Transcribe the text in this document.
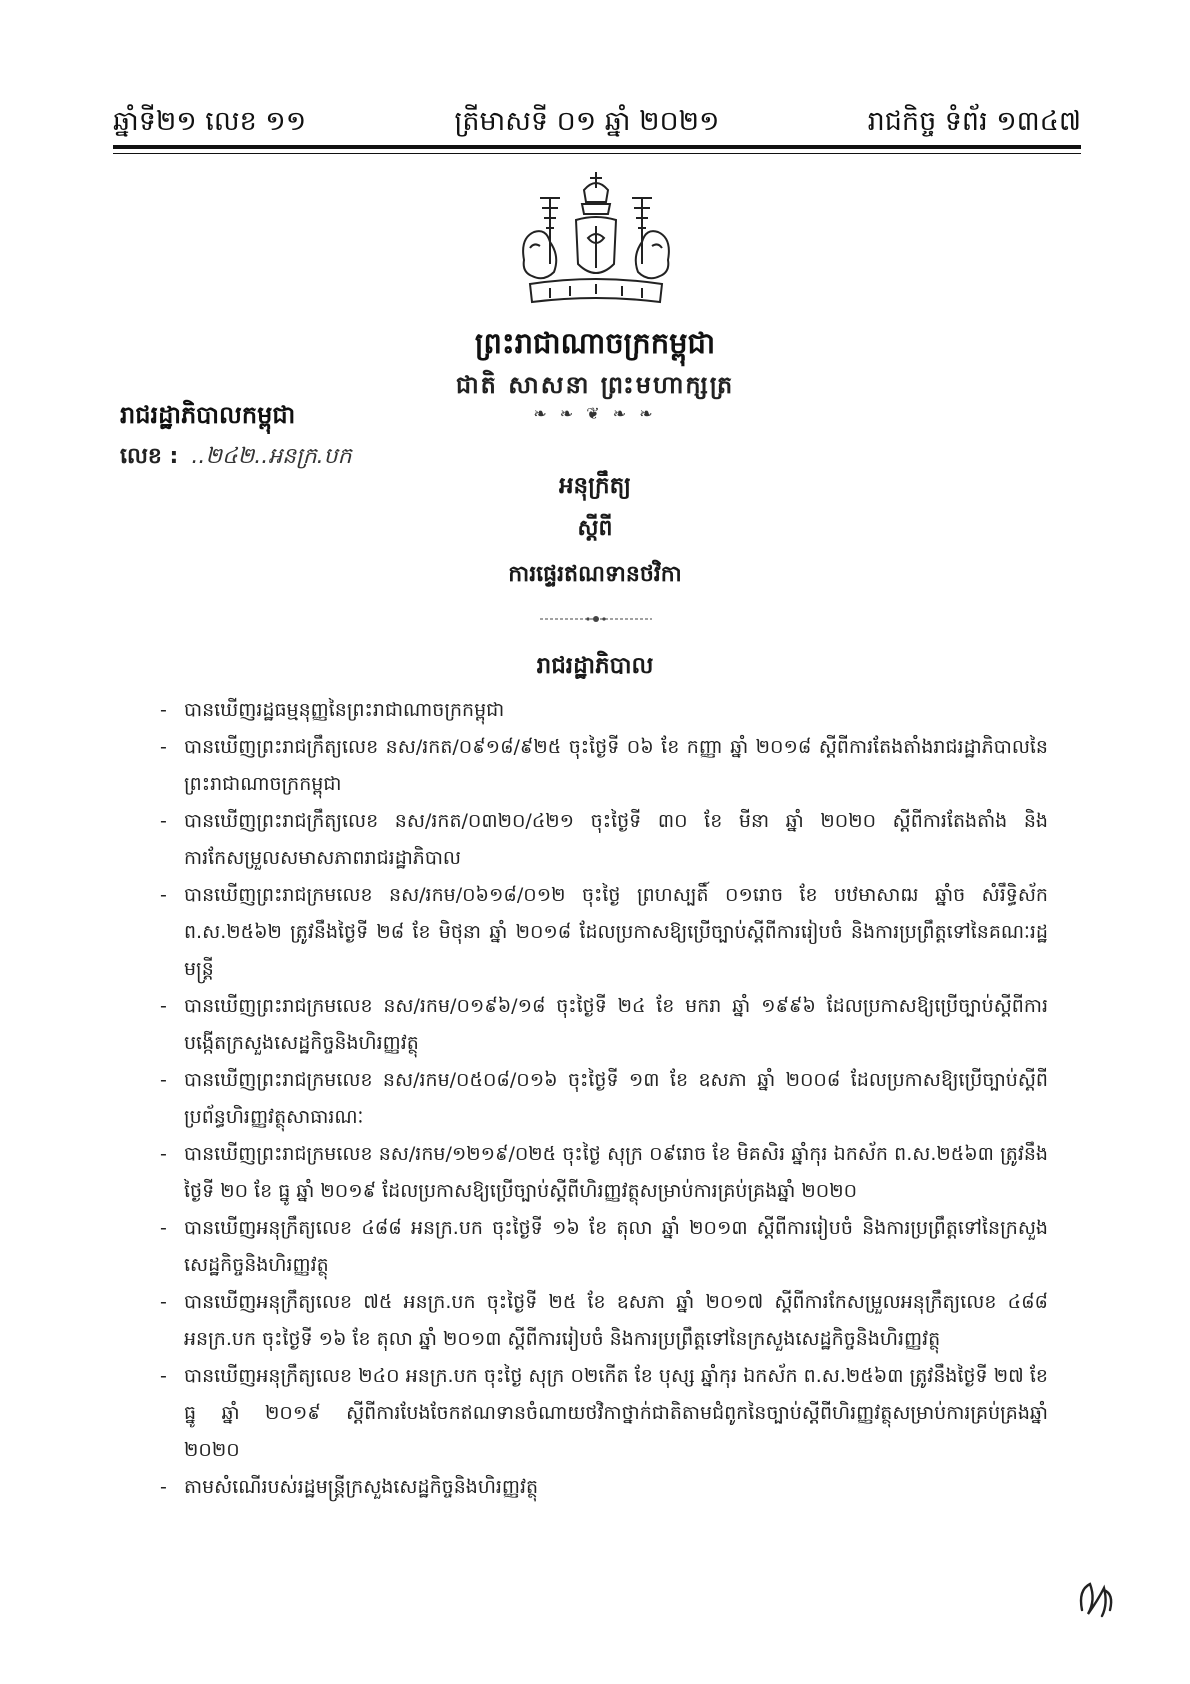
ឆ្នាំទី២១ លេខ ១១	ត្រីមាសទី ០១ ឆ្នាំ ២០២១	រាជកិច្ច ទំព័រ ១៣៤៧
ព្រះរាជាណាចក្រកម្ពុជា
ជាតិ សាសនា ព្រះមហាក្សត្រ
❧ ❧ ❦ ❧ ❧
រាជរដ្ឋាភិបាលកម្ពុជា
លេខ : ..២៤២..អនក្រ.បក
អនុក្រឹត្យ
ស្តីពី
ការផ្ទេរឥណទានថវិកា
រាជរដ្ឋាភិបាល
- បានឃើញរដ្ឋធម្មនុញ្ញនៃព្រះរាជាណាចក្រកម្ពុជា
- បានឃើញព្រះរាជក្រឹត្យលេខ នស/រកត/០៩១៨/៩២៥ ចុះថ្ងៃទី ០៦ ខែ កញ្ញា ឆ្នាំ ២០១៨ ស្តីពីការតែងតាំងរាជរដ្ឋាភិបាលនៃព្រះរាជាណាចក្រកម្ពុជា
- បានឃើញព្រះរាជក្រឹត្យលេខ នស/រកត/០៣២០/៤២១ ចុះថ្ងៃទី ៣០ ខែ មីនា ឆ្នាំ ២០២០ ស្តីពីការតែងតាំង និងការកែសម្រួលសមាសភាពរាជរដ្ឋាភិបាល
- បានឃើញព្រះរាជក្រមលេខ នស/រកម/០៦១៨/០១២ ចុះថ្ងៃ ព្រហស្បតិ៍ ០១រោច ខែ បឋមាសាឍ ឆ្នាំច សំរឹទ្ធិស័ក ព.ស.២៥៦២ ត្រូវនឹងថ្ងៃទី ២៨ ខែ មិថុនា ឆ្នាំ ២០១៨ ដែលប្រកាសឱ្យប្រើច្បាប់ស្តីពីការរៀបចំ និងការប្រព្រឹត្តទៅនៃគណៈរដ្ឋមន្ត្រី
- បានឃើញព្រះរាជក្រមលេខ នស/រកម/០១៩៦/១៨ ចុះថ្ងៃទី ២៤ ខែ មករា ឆ្នាំ ១៩៩៦ ដែលប្រកាសឱ្យប្រើច្បាប់ស្តីពីការបង្កើតក្រសួងសេដ្ឋកិច្ចនិងហិរញ្ញវត្ថុ
- បានឃើញព្រះរាជក្រមលេខ នស/រកម/០៥០៨/០១៦ ចុះថ្ងៃទី ១៣ ខែ ឧសភា ឆ្នាំ ២០០៨ ដែលប្រកាសឱ្យប្រើច្បាប់ស្តីពីប្រព័ន្ធហិរញ្ញវត្ថុសាធារណៈ
- បានឃើញព្រះរាជក្រមលេខ នស/រកម/១២១៩/០២៥ ចុះថ្ងៃ សុក្រ ០៩រោច ខែ មិគសិរ ឆ្នាំកុរ ឯកស័ក ព.ស.២៥៦៣ ត្រូវនឹងថ្ងៃទី ២០ ខែ ធ្នូ ឆ្នាំ ២០១៩ ដែលប្រកាសឱ្យប្រើច្បាប់ស្តីពីហិរញ្ញវត្ថុសម្រាប់ការគ្រប់គ្រងឆ្នាំ ២០២០
- បានឃើញអនុក្រឹត្យលេខ ៤៨៨ អនក្រ.បក ចុះថ្ងៃទី ១៦ ខែ តុលា ឆ្នាំ ២០១៣ ស្តីពីការរៀបចំ និងការប្រព្រឹត្តទៅនៃក្រសួងសេដ្ឋកិច្ចនិងហិរញ្ញវត្ថុ
- បានឃើញអនុក្រឹត្យលេខ ៧៥ អនក្រ.បក ចុះថ្ងៃទី ២៥ ខែ ឧសភា ឆ្នាំ ២០១៧ ស្តីពីការកែសម្រួលអនុក្រឹត្យលេខ ៤៨៨ អនក្រ.បក ចុះថ្ងៃទី ១៦ ខែ តុលា ឆ្នាំ ២០១៣ ស្តីពីការរៀបចំ និងការប្រព្រឹត្តទៅនៃក្រសួងសេដ្ឋកិច្ចនិងហិរញ្ញវត្ថុ
- បានឃើញអនុក្រឹត្យលេខ ២៤០ អនក្រ.បក ចុះថ្ងៃ សុក្រ ០២កើត ខែ បុស្ស ឆ្នាំកុរ ឯកស័ក ព.ស.២៥៦៣ ត្រូវនឹងថ្ងៃទី ២៧ ខែ ធ្នូ ឆ្នាំ ២០១៩ ស្តីពីការបែងចែកឥណទានចំណាយថវិកាថ្នាក់ជាតិតាមជំពូកនៃច្បាប់ស្តីពីហិរញ្ញវត្ថុសម្រាប់ការគ្រប់គ្រងឆ្នាំ ២០២០
- តាមសំណើរបស់រដ្ឋមន្ត្រីក្រសួងសេដ្ឋកិច្ចនិងហិរញ្ញវត្ថុ
